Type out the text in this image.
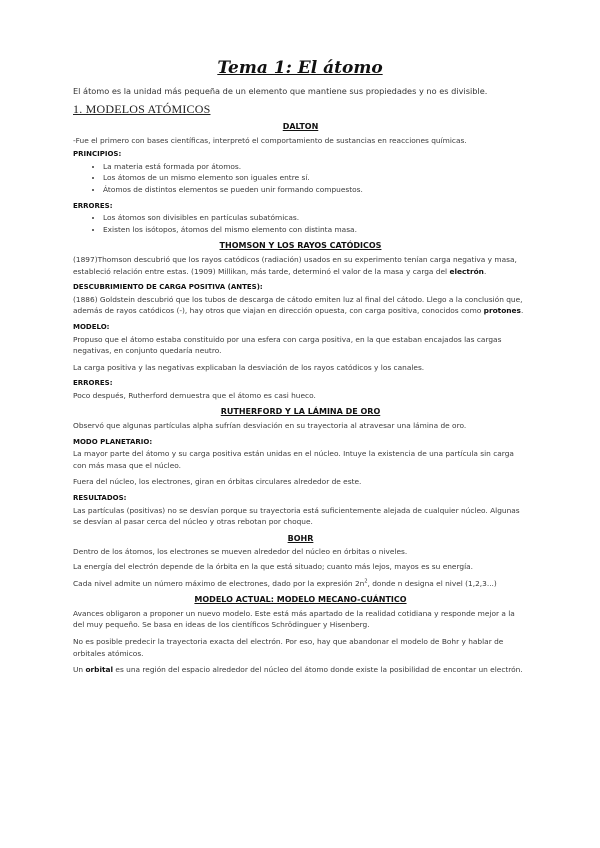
Tema 1: El átomo
El átomo es la unidad más pequeña de un elemento que mantiene sus propiedades y no es divisible.
1. MODELOS ATÓMICOS
DALTON
-Fue el primero con bases científicas, interpretó el comportamiento de sustancias en reacciones químicas.
PRINCIPIOS:
• La materia está formada por átomos.
• Los átomos de un mismo elemento son iguales entre sí.
• Átomos de distintos elementos se pueden unir formando compuestos.
ERRORES:
• Los átomos son divisibles en partículas subatómicas.
• Existen los isótopos, átomos del mismo elemento con distinta masa.
THOMSON Y LOS RAYOS CATÓDICOS
(1897)Thomson descubrió que los rayos catódicos (radiación) usados en su experimento tenían carga negativa y masa, estableció relación entre estas. (1909) Millikan, más tarde, determinó el valor de la masa y carga del electrón.
DESCUBRIMIENTO DE CARGA POSITIVA (ANTES):
(1886) Goldstein descubrió que los tubos de descarga de cátodo emiten luz al final del cátodo. Llego a la conclusión que, además de rayos catódicos (-), hay otros que viajan en dirección opuesta, con carga positiva, conocidos como protones.
MODELO:
Propuso que el átomo estaba constituido por una esfera con carga positiva, en la que estaban encajados las cargas negativas, en conjunto quedaría neutro.
La carga positiva y las negativas explicaban la desviación de los rayos catódicos y los canales.
ERRORES:
Poco después, Rutherford demuestra que el átomo es casi hueco.
RUTHERFORD Y LA LÁMINA DE ORO
Observó que algunas partículas alpha sufrían desviación en su trayectoria al atravesar una lámina de oro.
MODO PLANETARIO:
La mayor parte del átomo y su carga positiva están unidas en el núcleo. Intuye la existencia de una partícula sin carga con más masa que el núcleo.
Fuera del núcleo, los electrones, giran en órbitas circulares alrededor de este.
RESULTADOS:
Las partículas (positivas) no se desvían porque su trayectoria está suficientemente alejada de cualquier núcleo. Algunas se desvían al pasar cerca del núcleo y otras rebotan por choque.
BOHR
Dentro de los átomos, los electrones se mueven alrededor del núcleo en órbitas o niveles.
La energía del electrón depende de la órbita en la que está situado; cuanto más lejos, mayos es su energía.
Cada nivel admite un número máximo de electrones, dado por la expresión $2n^2$, donde n designa el nivel (1,2,3...)
MODELO ACTUAL: MODELO MECANO-CUÁNTICO
Avances obligaron a proponer un nuevo modelo. Este está más apartado de la realidad cotidiana y responde mejor a la del muy pequeño. Se basa en ideas de los científicos Schrödinguer y Hisenberg.
No es posible predecir la trayectoria exacta del electrón. Por eso, hay que abandonar el modelo de Bohr y hablar de orbitales atómicos.
Un orbital es una región del espacio alrededor del núcleo del átomo donde existe la posibilidad de encontar un electrón.
